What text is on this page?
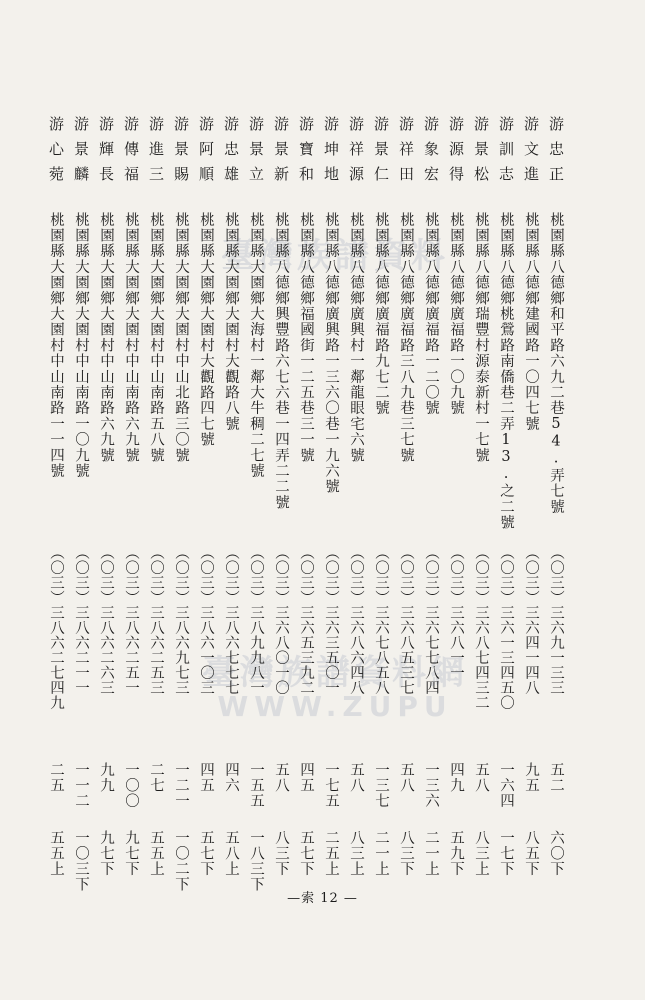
臺灣族譜資料
臺灣族譜資料網
WWW.ZUPU
游忠正
桃園縣八德鄉和平路六九二巷54.弄七號
（〇三）三六九一三三
五二
六〇下
游文進
桃園縣八德鄉建國路一〇四七號
（〇三）三六四一四八
九五
八五下
游訓志
桃園縣八德鄉桃鶯路南僑巷二弄13.之二號
（〇三）三六一三四五〇
一六四
一七下
游景松
桃園縣八德鄉瑞豐村源泰新村一七號
（〇三）三六八七四三二
五八
八三上
游源得
桃園縣八德鄉廣福路一〇九號
（〇三）三六八一一
四九
五九下
游象宏
桃園縣八德鄉廣福路一二〇號
（〇三）三六七七八四
一三六
二一上
游祥田
桃園縣八德鄉廣福路三八九巷三七號
（〇三）三六八五三七
五八
八三下
游景仁
桃園縣八德鄉廣福路九七二號
（〇三）三六七八五八
一三七
二一上
游祥源
桃園縣八德鄉廣興村一鄰龍眼宅六號
（〇三）三六八六四八
五八
八三上
游坤地
桃園縣八德鄉廣興路一三六〇巷一九六號
（〇三）三六三五〇一
一七五
二五上
游寶和
桃園縣八德鄉福國街一二五巷三一號
（〇三）三六五三九二
四五
五七下
游景新
桃園縣八德鄉興豐路六七六巷一四弄二二號
（〇三）三六八〇一〇
五八
八三下
游景立
桃園縣大園鄉大海村一鄰大牛稠二七號
（〇三）三八九九八一
一五五
一八三下
游忠雄
桃園縣大園鄉大園村大觀路八號
（〇三）三八六七七七
四六
五八上
游阿順
桃園縣大園鄉大園村大觀路四七號
（〇三）三八六一〇三
四五
五七下
游景賜
桃園縣大園鄉大園村中山北路三〇號
（〇三）三八六九七三
一二一
一〇二下
游進三
桃園縣大園鄉大園村中山南路五八號
（〇三）三八六二五三
二七
五五上
游傳福
桃園縣大園鄉大園村中山南路六九號
（〇三）三八六二五一
一〇〇
九七下
游輝長
桃園縣大園鄉大園村中山南路六九號
（〇三）三八六二六三
九九
九七下
游景麟
桃園縣大園鄉大園村中山南路一〇九號
（〇三）三八六二一一
一一二
一〇三下
游心菀
桃園縣大園鄉大園村中山南路一一四號
（〇三）三八六二七四九
二五
五五上
—索 12 —
